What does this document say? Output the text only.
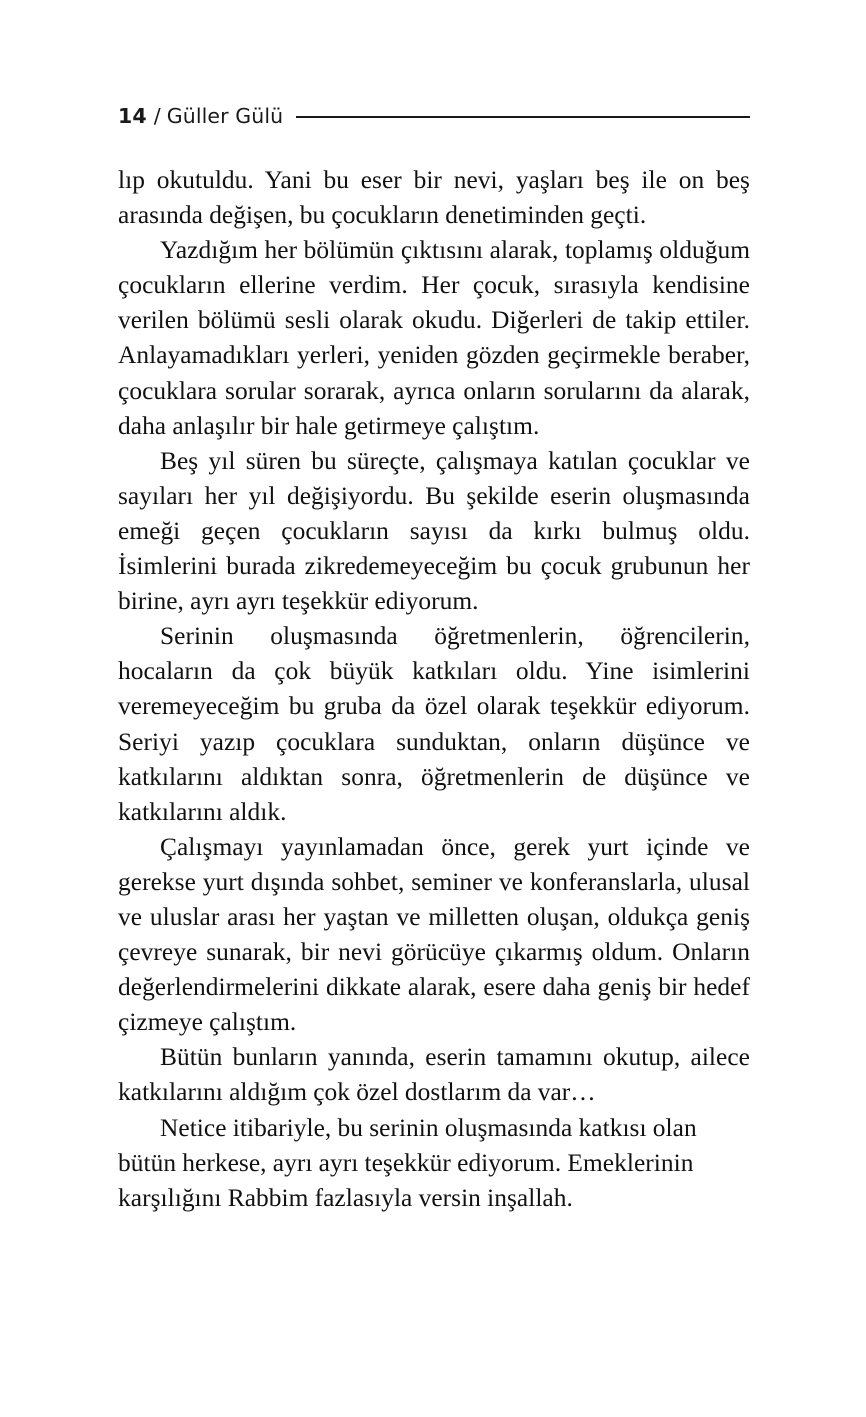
14 / Güller Gülü

lıp okutuldu. Yani bu eser bir nevi, yaşları beş ile on beş arasında değişen, bu çocukların denetiminden geçti.

Yazdığım her bölümün çıktısını alarak, toplamış olduğum çocukların ellerine verdim. Her çocuk, sırasıyla kendisine verilen bölümü sesli olarak okudu. Diğerleri de takip ettiler. Anlayamadıkları yerleri, yeniden gözden geçirmekle beraber, çocuklara sorular sorarak, ayrıca onların sorularını da alarak, daha anlaşılır bir hale getirmeye çalıştım.

Beş yıl süren bu süreçte, çalışmaya katılan çocuklar ve sayıları her yıl değişiyordu. Bu şekilde eserin oluşmasında emeği geçen çocukların sayısı da kırkı bulmuş oldu. İsimlerini burada zikredemeyeceğim bu çocuk grubunun her birine, ayrı ayrı teşekkür ediyorum.

Serinin oluşmasında öğretmenlerin, öğrencilerin, hocaların da çok büyük katkıları oldu. Yine isimlerini veremeyeceğim bu gruba da özel olarak teşekkür ediyorum. Seriyi yazıp çocuklara sunduktan, onların düşünce ve katkılarını aldıktan sonra, öğretmenlerin de düşünce ve katkılarını aldık.

Çalışmayı yayınlamadan önce, gerek yurt içinde ve gerekse yurt dışında sohbet, seminer ve konferanslarla, ulusal ve uluslar arası her yaştan ve milletten oluşan, oldukça geniş çevreye sunarak, bir nevi görücüye çıkarmış oldum. Onların değerlendirmelerini dikkate alarak, esere daha geniş bir hedef çizmeye çalıştım.

Bütün bunların yanında, eserin tamamını okutup, ailece katkılarını aldığım çok özel dostlarım da var…

Netice itibariyle, bu serinin oluşmasında katkısı olan bütün herkese, ayrı ayrı teşekkür ediyorum. Emeklerinin karşılığını Rabbim fazlasıyla versin inşallah.
